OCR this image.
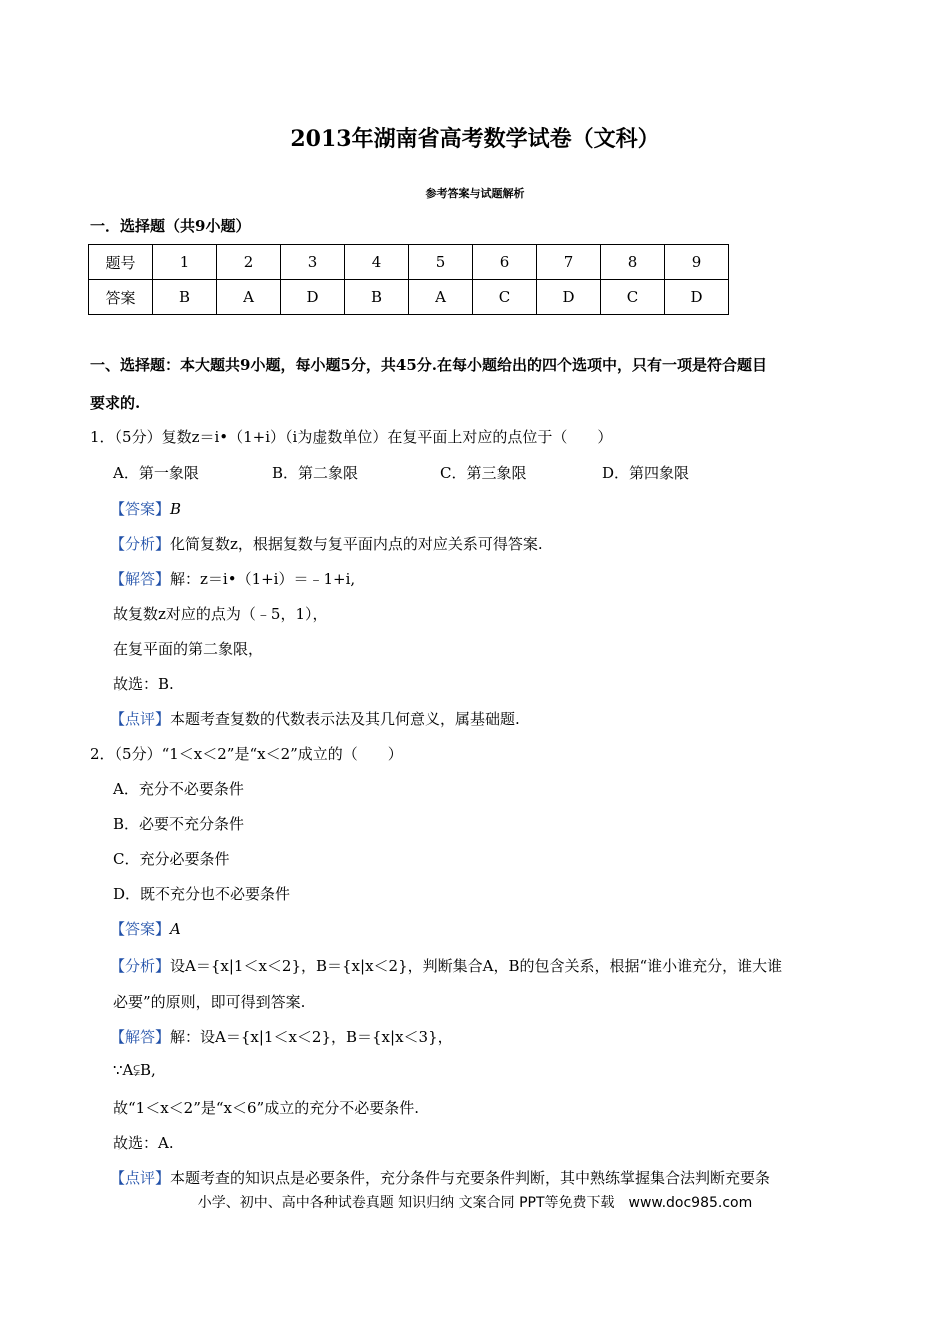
2013年湖南省高考数学试卷（文科）
参考答案与试题解析
一．选择题（共9小题）
题号	1	2	3	4	5	6	7	8	9
答案	B	A	D	B	A	C	D	C	D
一、选择题：本大题共9小题，每小题5分，共45分.在每小题给出的四个选项中，只有一项是符合题目
要求的.
1．（5分）复数z＝i•（1+i）（i为虚数单位）在复平面上对应的点位于（　　）
A．第一象限	B．第二象限	C．第三象限	D．第四象限
【答案】B
【分析】化简复数z，根据复数与复平面内点的对应关系可得答案.
【解答】解：z＝i•（1+i）＝﹣1+i,
故复数z对应的点为（﹣5，1），
在复平面的第二象限，
故选：B.
【点评】本题考查复数的代数表示法及其几何意义，属基础题.
2．（5分）“1＜x＜2”是“x＜2”成立的（　　）
A．充分不必要条件
B．必要不充分条件
C．充分必要条件
D．既不充分也不必要条件
【答案】A
【分析】设A＝{x|1＜x＜2}，B＝{x|x＜2}，判断集合A，B的包含关系，根据“谁小谁充分，谁大谁
必要”的原则，即可得到答案.
【解答】解：设A＝{x|1＜x＜2}，B＝{x|x＜3}，
∵A⫋B,
故“1＜x＜2”是“x＜6”成立的充分不必要条件.
故选：A.
【点评】本题考查的知识点是必要条件，充分条件与充要条件判断，其中熟练掌握集合法判断充要条
小学、初中、高中各种试卷真题 知识归纳 文案合同 PPT等免费下载　www.doc985.com
